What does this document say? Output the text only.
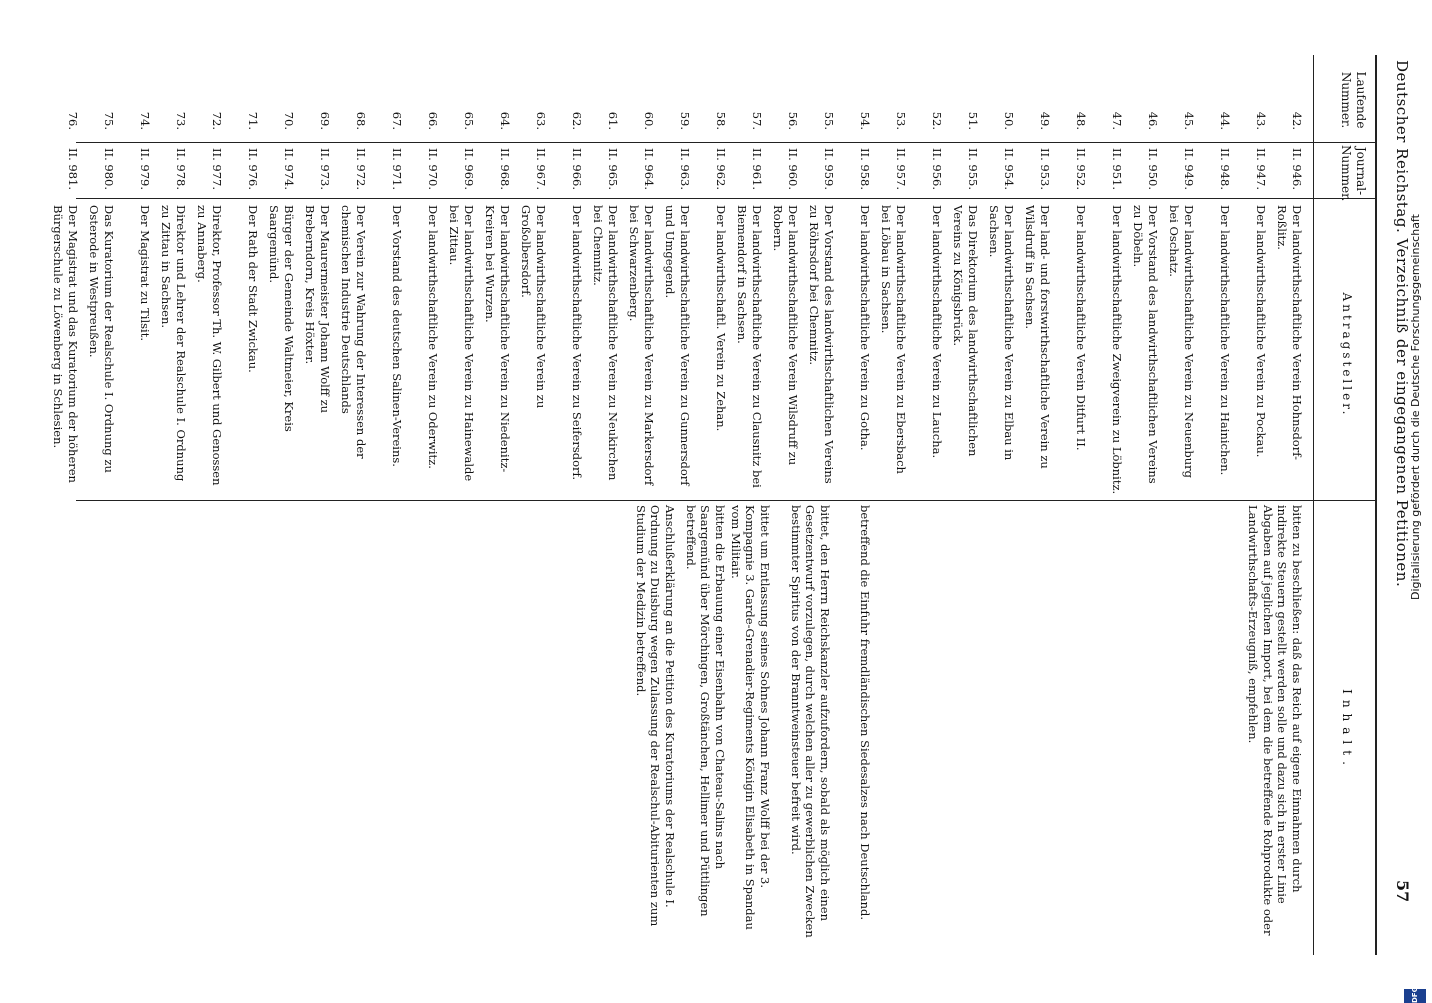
Deutscher Reichstag. Verzeichniß der eingegangenen Petitionen.
57
Laufende Nummer.
Journal- Nummer.
Antragsteller.
Inhalt.
42.
II. 946.
Der landwirthschaftliche Verein Hohnsdorf-Roßlitz.
43.
II. 947.
Der landwirthschaftliche Verein zu Pockau.
44.
II. 948.
Der landwirthschaftliche Verein zu Hainichen.
45.
II. 949.
Der landwirthschaftliche Verein zu Neuenburg bei Oschatz.
46.
II. 950.
Der Vorstand des landwirthschaftlichen Vereins zu Döbeln.
47.
II. 951.
Der landwirthschaftliche Zweigverein zu Löbnitz.
48.
II. 952.
Der landwirthschaftliche Verein Ditfurt II.
49.
II. 953.
Der land- und forstwirthschaftliche Verein zu Wilsdruff in Sachsen.
50.
II. 954.
Der landwirthschaftliche Verein zu Elbau in Sachsen.
51.
II. 955.
Das Direktorium des landwirthschaftlichen Vereins zu Königsbrück.
52.
II. 956.
Der landwirthschaftliche Verein zu Laucha.
53.
II. 957.
Der landwirthschaftliche Verein zu Ebersbach bei Löbau in Sachsen.
54.
II. 958.
Der landwirthschaftliche Verein zu Gotha.
55.
II. 959.
Der Vorstand des landwirthschaftlichen Vereins zu Röhrsdorf bei Chemnitz.
56.
II. 960.
Der landwirthschaftliche Verein Wilsdruff zu Robern.
57.
II. 961.
Der landwirthschaftliche Verein zu Clausnitz bei Biemendorf in Sachsen.
58.
II. 962.
Der landwirthschaftl. Verein zu Zehan.
59.
II. 963.
Der landwirthschaftliche Verein zu Gunnersdorf und Umgegend.
60.
II. 964.
Der landwirthschaftliche Verein zu Markersdorf bei Schwarzenberg.
61.
II. 965.
Der landwirthschaftliche Verein zu Neukirchen bei Chemnitz.
62.
II. 966.
Der landwirthschaftliche Verein zu Seifersdorf.
63.
II. 967.
Der landwirthschaftliche Verein zu Großolbersdorf.
64.
II. 968.
Der landwirthschaftliche Verein zu Niedenitz-Kreiren bei Wurzen.
65.
II. 969.
Der landwirthschaftliche Verein zu Hainewalde bei Zittau.
66.
II. 970.
Der landwirthschaftliche Verein zu Oderwitz.
67.
II. 971.
Der Vorstand des deutschen Salinen-Vereins.
68.
II. 972.
Der Verein zur Wahrung der Interessen der chemischen Industrie Deutschlands
69.
II. 973.
Der Maurermeister Johann Wolff zu Breberndorn, Kreis Höxter.
70.
II. 974.
Bürger der Gemeinde Waltmeier, Kreis Saargemünd.
71.
II. 976.
Der Rath der Stadt Zwickau.
72.
II. 977.
Direktor, Professor Th. W. Gilbert und Genossen zu Annaberg.
73.
II. 978.
Direktor und Lehrer der Realschule I. Ordnung zu Zittau in Sachsen.
74.
II. 979.
Der Magistrat zu Tilsit.
75.
II. 980.
Das Kuratorium der Realschule I. Ordnung zu Osterode in Westpreußen.
76.
II. 981.
Der Magistrat und das Kuratorium der höheren Bürgerschule zu Löwenberg in Schlesien.
bitten zu beschließen: daß das Reich auf eigene Einnahmen durch indirekte Steuern gestellt werden solle und dazu sich in erster Linie Abgaben auf jeglichen Import, bei dem die betreffende Rohprodukte oder Landwirthschafts-Erzeugniß, empfehlen.
betreffend die Einfuhr fremdländischen Siedesalzes nach Deutschland.
bittet, den Herrn Reichskanzler aufzufordern, sobald als möglich einen Gesetzentwurf vorzulegen, durch welchen aller zu gewerblichen Zwecken bestimmter Spiritus von der Branntweinsteuer befreit wird.
bittet um Entlassung seines Sohnes Johann Franz Wolff bei der 3. Kompagnie 3. Garde-Grenadier-Regiments Königin Elisabeth in Spandau vom Militair.
bitten die Erbauung einer Eisenbahn von Chateau-Salins nach Saargemünd über Mörchingen, Großtänchen, Hellimer und Püttlingen betreffend.
Anschlußerklärung an die Petition des Kuratoriums der Realschule I. Ordnung zu Duisburg wegen Zulassung der Realschul-Abiturienten zum Studium der Medizin betreffend.
Digitalisierung gefördert durch die Deutsche Forschungsgemeinschaft
DFG
